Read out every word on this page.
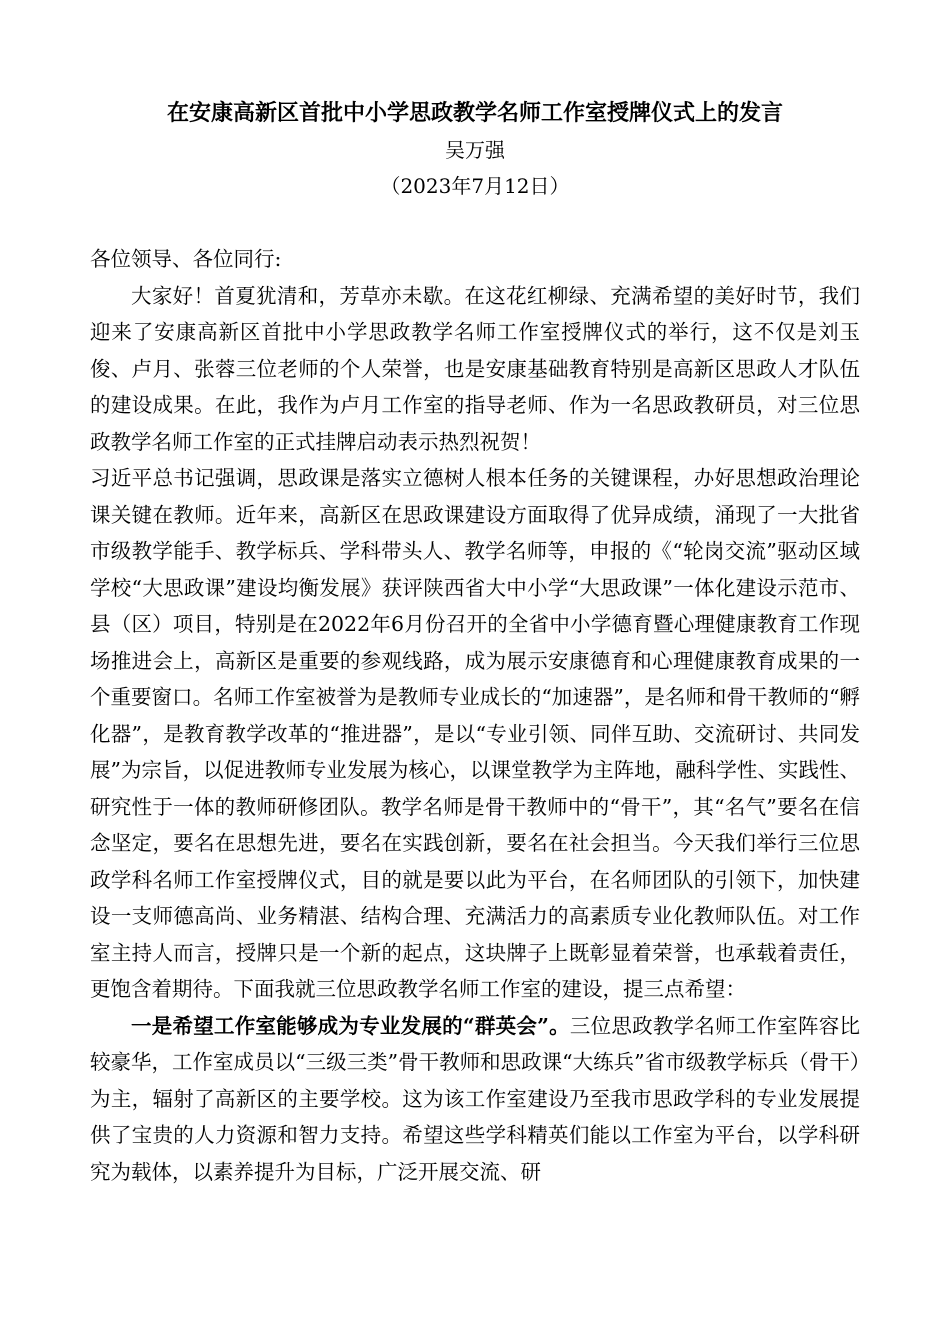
在安康高新区首批中小学思政教学名师工作室授牌仪式上的发言
吴万强
（2023年7月12日）

各位领导、各位同行:

大家好！首夏犹清和，芳草亦未歇。在这花红柳绿、充满希望的美好时节，我们迎来了安康高新区首批中小学思政教学名师工作室授牌仪式的举行，这不仅是刘玉俊、卢月、张蓉三位老师的个人荣誉，也是安康基础教育特别是高新区思政人才队伍的建设成果。在此，我作为卢月工作室的指导老师、作为一名思政教研员，对三位思政教学名师工作室的正式挂牌启动表示热烈祝贺！

习近平总书记强调，思政课是落实立德树人根本任务的关键课程，办好思想政治理论课关键在教师。近年来，高新区在思政课建设方面取得了优异成绩，涌现了一大批省市级教学能手、教学标兵、学科带头人、教学名师等，申报的《“轮岗交流”驱动区域学校“大思政课”建设均衡发展》获评陕西省大中小学“大思政课”一体化建设示范市、县（区）项目，特别是在2022年6月份召开的全省中小学德育暨心理健康教育工作现场推进会上，高新区是重要的参观线路，成为展示安康德育和心理健康教育成果的一个重要窗口。名师工作室被誉为是教师专业成长的“加速器”，是名师和骨干教师的“孵化器”，是教育教学改革的“推进器”，是以“专业引领、同伴互助、交流研讨、共同发展”为宗旨，以促进教师专业发展为核心，以课堂教学为主阵地，融科学性、实践性、研究性于一体的教师研修团队。教学名师是骨干教师中的“骨干”，其“名气”要名在信念坚定，要名在思想先进，要名在实践创新，要名在社会担当。今天我们举行三位思政学科名师工作室授牌仪式，目的就是要以此为平台，在名师团队的引领下，加快建设一支师德高尚、业务精湛、结构合理、充满活力的高素质专业化教师队伍。对工作室主持人而言，授牌只是一个新的起点，这块牌子上既彰显着荣誉，也承载着责任，更饱含着期待。下面我就三位思政教学名师工作室的建设，提三点希望：

一是希望工作室能够成为专业发展的“群英会”。三位思政教学名师工作室阵容比较豪华，工作室成员以“三级三类”骨干教师和思政课“大练兵”省市级教学标兵（骨干）为主，辐射了高新区的主要学校。这为该工作室建设乃至我市思政学科的专业发展提供了宝贵的人力资源和智力支持。希望这些学科精英们能以工作室为平台，以学科研究为载体，以素养提升为目标，广泛开展交流、研
